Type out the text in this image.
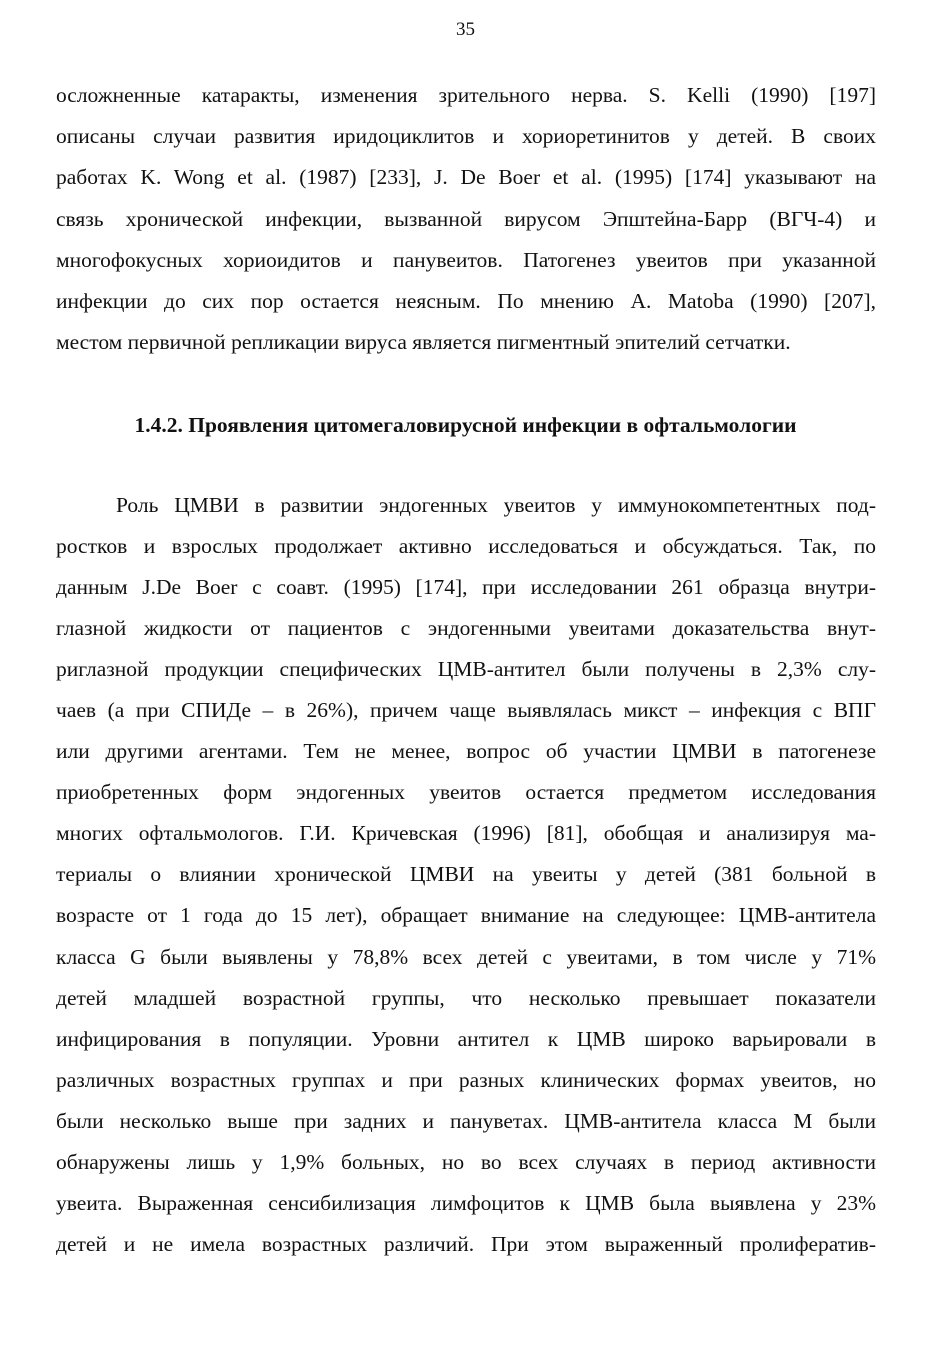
35
осложненные катаракты, изменения зрительного нерва. S. Kelli (1990) [197]
описаны случаи развития иридоциклитов и хориоретинитов у детей. В своих
работах K. Wong et al. (1987) [233], J. De Boer et al. (1995) [174] указывают на
связь хронической инфекции, вызванной вирусом Эпштейна-Барр (ВГЧ-4) и
многофокусных хориоидитов и панувеитов. Патогенез увеитов при указанной
инфекции до сих пор остается неясным. По мнению A. Matoba (1990) [207],
местом первичной репликации вируса является пигментный эпителий сетчатки.
1.4.2. Проявления цитомегаловирусной инфекции в офтальмологии
Роль ЦМВИ в развитии эндогенных увеитов у иммунокомпетентных под-
ростков и взрослых продолжает активно исследоваться и обсуждаться. Так, по
данным J.De Boer с соавт. (1995) [174], при исследовании 261 образца внутри-
глазной жидкости от пациентов с эндогенными увеитами доказательства внут-
риглазной продукции специфических ЦМВ-антител были получены в 2,3% слу-
чаев (а при СПИДе – в 26%), причем чаще выявлялась микст – инфекция с ВПГ
или другими агентами. Тем не менее, вопрос об участии ЦМВИ в патогенезе
приобретенных форм эндогенных увеитов остается предметом исследования
многих офтальмологов. Г.И. Кричевская (1996) [81], обобщая и анализируя ма-
териалы о влиянии хронической ЦМВИ на увеиты у детей (381 больной в
возрасте от 1 года до 15 лет), обращает внимание на следующее: ЦМВ-антитела
класса G были выявлены у 78,8% всех детей с увеитами, в том числе у 71%
детей младшей возрастной группы, что несколько превышает показатели
инфицирования в популяции. Уровни антител к ЦМВ широко варьировали в
различных возрастных группах и при разных клинических формах увеитов, но
были несколько выше при задних и пануветах. ЦМВ-антитела класса М были
обнаружены лишь у 1,9% больных, но во всех случаях в период активности
увеита. Выраженная сенсибилизация лимфоцитов к ЦМВ была выявлена у 23%
детей и не имела возрастных различий. При этом выраженный пролифератив-
